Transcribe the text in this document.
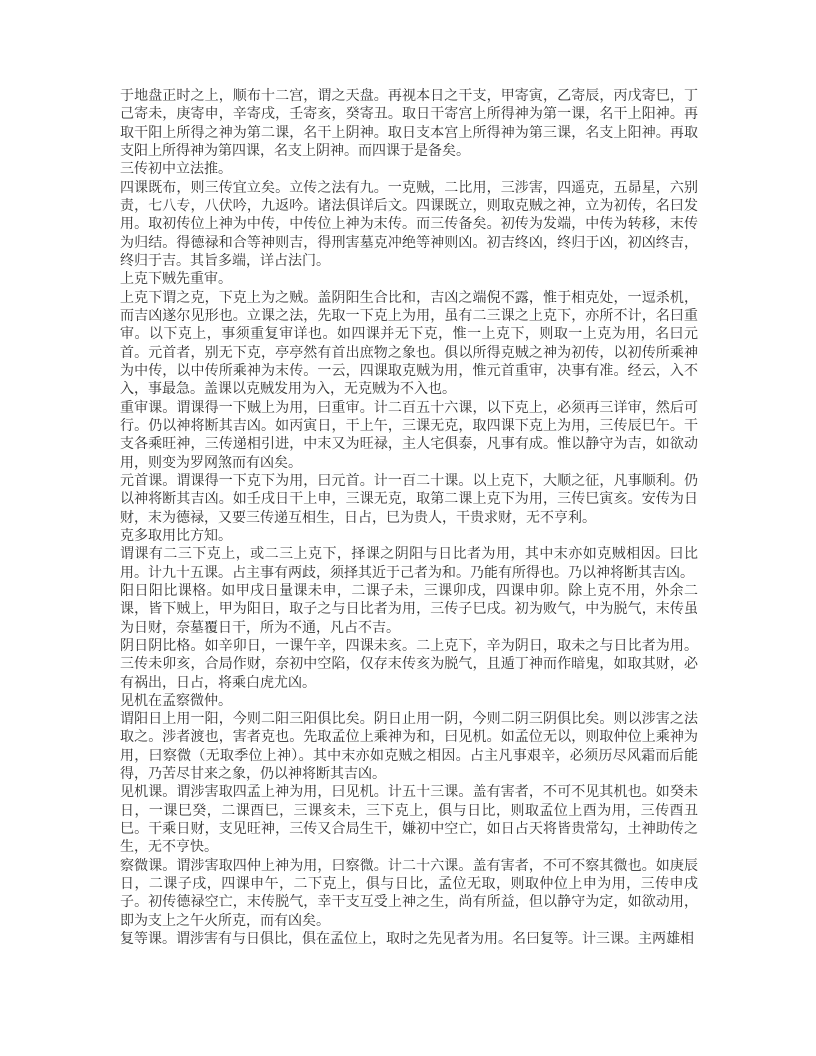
于地盘正时之上，顺布十二宫，谓之天盘。再视本日之干支，甲寄寅，乙寄辰，丙戊寄巳，丁己寄未，庚寄申，辛寄戌，壬寄亥，癸寄丑。取日干寄宫上所得神为第一课，名干上阳神。再取干阳上所得之神为第二课，名干上阴神。取日支本宫上所得神为第三课，名支上阳神。再取支阳上所得神为第四课，名支上阴神。而四课于是备矣。

三传初中立法推。

四课既布，则三传宜立矣。立传之法有九。一克贼，二比用，三涉害，四遥克，五昴星，六别责，七八专，八伏吟，九返吟。诸法俱详后文。四课既立，则取克贼之神，立为初传，名曰发用。取初传位上神为中传，中传位上神为末传。而三传备矣。初传为发端，中传为转移，末传为归结。得德禄和合等神则吉，得刑害墓克冲绝等神则凶。初吉终凶，终归于凶，初凶终吉，终归于吉。其旨多端，详占法门。

上克下贼先重审。

上克下谓之克，下克上为之贼。盖阴阳生合比和，吉凶之端倪不露，惟于相克处，一逗杀机，而吉凶遂尔见形也。立课之法，先取一下克上为用，虽有二三课之上克下，亦所不计，名曰重审。以下克上，事须重复审详也。如四课并无下克，惟一上克下，则取一上克为用，名曰元首。元首者，别无下克，亭亭然有首出庶物之象也。俱以所得克贼之神为初传，以初传所乘神为中传，以中传所乘神为末传。一云，四课取克贼为用，惟元首重审，决事有准。经云，入不入，事最急。盖课以克贼发用为入，无克贼为不入也。

重审课。谓课得一下贼上为用，曰重审。计二百五十六课，以下克上，必须再三详审，然后可行。仍以神将断其吉凶。如丙寅日，干上午，三课无克，取四课下克上为用，三传辰巳午。干支各乘旺神，三传递相引进，中末又为旺禄，主人宅俱泰，凡事有成。惟以静守为吉，如欲动用，则变为罗网煞而有凶矣。

元首课。谓课得一下克下为用，曰元首。计一百二十课。以上克下，大顺之征，凡事顺利。仍以神将断其吉凶。如壬戌日干上申，三课无克，取第二课上克下为用，三传巳寅亥。安传为日财，末为德禄，又要三传递互相生，日占，巳为贵人，干贵求财，无不亨利。

克多取用比方知。

谓课有二三下克上，或二三上克下，择课之阴阳与日比者为用，其中末亦如克贼相因。曰比用。计九十五课。占主事有两歧，须择其近于己者为和。乃能有所得也。乃以神将断其吉凶。

阳日阳比课格。如甲戌日量课未申，二课子未，三课卯戌，四课申卯。除上克不用，外余二课，皆下贼上，甲为阳日，取子之与日比者为用，三传子巳戌。初为败气，中为脱气，末传虽为日财，奈墓覆日干，所为不通，凡占不吉。

阴日阴比格。如辛卯日，一课午辛，四课未亥。二上克下，辛为阴日，取未之与日比者为用。三传未卯亥，合局作财，奈初中空陷，仅存末传亥为脱气，且遁丁神而作暗鬼，如取其财，必有祸出，日占，将乘白虎尤凶。

见机在孟察微仲。

谓阳日上用一阳，今则二阳三阳俱比矣。阴日止用一阴，今则二阴三阴俱比矣。则以涉害之法取之。涉者渡也，害者克也。先取孟位上乘神为和，曰见机。如孟位无以，则取仲位上乘神为用，曰察微（无取季位上神）。其中末亦如克贼之相因。占主凡事艰辛，必须历尽风霜而后能得，乃苦尽甘来之象，仍以神将断其吉凶。

见机课。谓涉害取四孟上神为用，曰见机。计五十三课。盖有害者，不可不见其机也。如癸未日，一课巳癸，二课酉巳，三课亥未，三下克上，俱与日比，则取孟位上酉为用，三传酉丑巳。干乘日财，支见旺神，三传又合局生干，嫌初中空亡，如日占天将皆贵常勾，土神助传之生，无不亨快。

察微课。谓涉害取四仲上神为用，曰察微。计二十六课。盖有害者，不可不察其微也。如庚辰日，二课子戌，四课申午，二下克上，俱与日比，孟位无取，则取仲位上申为用，三传申戌子。初传德禄空亡，末传脱气，幸干支互受上神之生，尚有所益，但以静守为定，如欲动用，即为支上之午火所克，而有凶矣。

复等课。谓涉害有与日俱比，俱在孟位上，取时之先见者为用。名曰复等。计三课。主两雄相
